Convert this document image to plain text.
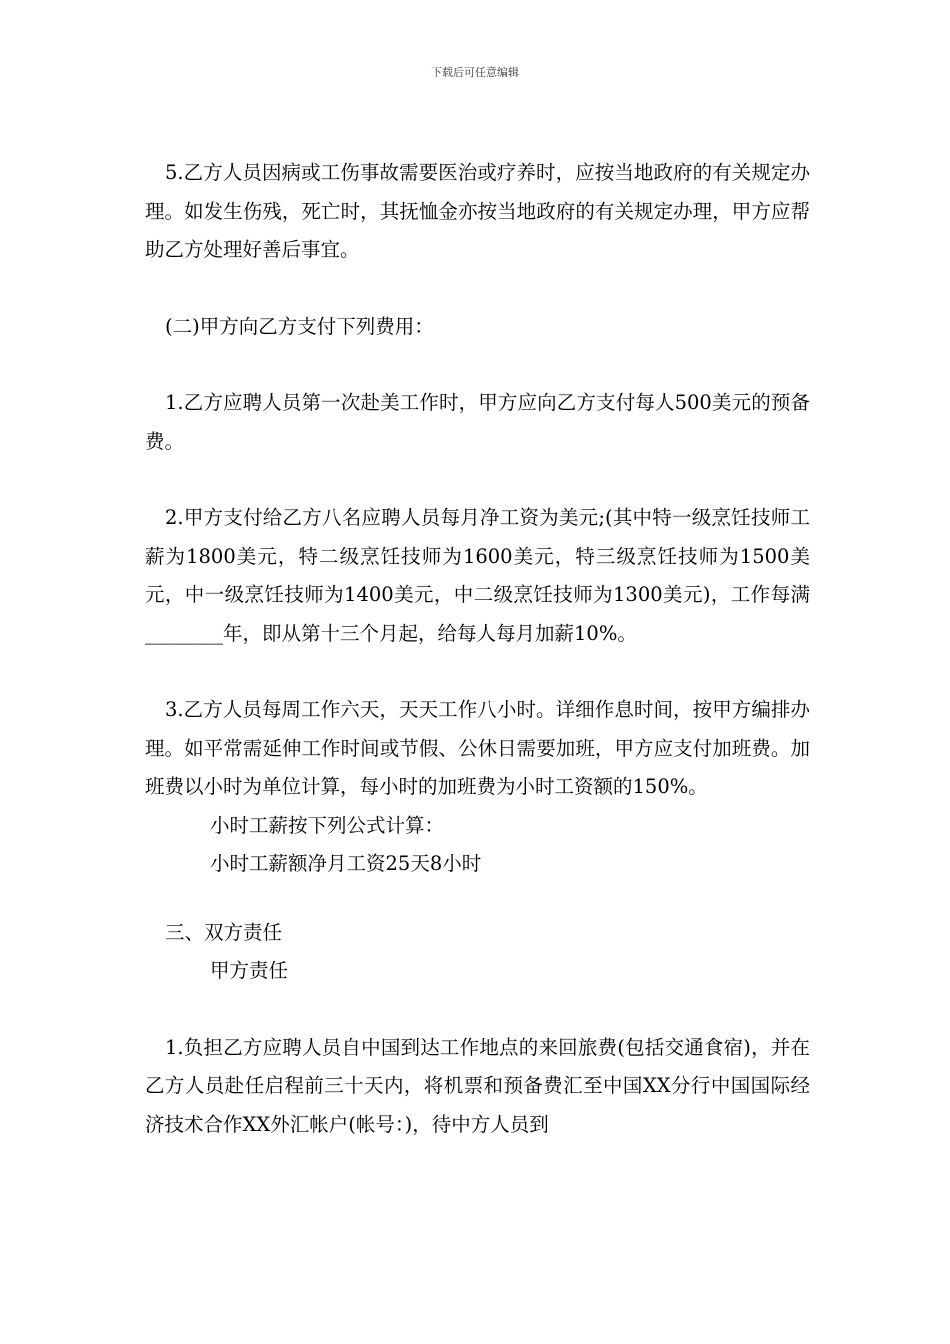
下载后可任意编辑

5.乙方人员因病或工伤事故需要医治或疗养时，应按当地政府的有关规定办理。如发生伤残，死亡时，其抚恤金亦按当地政府的有关规定办理，甲方应帮助乙方处理好善后事宜。

(二)甲方向乙方支付下列费用：

1.乙方应聘人员第一次赴美工作时，甲方应向乙方支付每人500美元的预备费。

2.甲方支付给乙方八名应聘人员每月净工资为美元;(其中特一级烹饪技师工薪为1800美元，特二级烹饪技师为1600美元，特三级烹饪技师为1500美元，中一级烹饪技师为1400美元，中二级烹饪技师为1300美元)，工作每满________年，即从第十三个月起，给每人每月加薪10%。

3.乙方人员每周工作六天，天天工作八小时。详细作息时间，按甲方编排办理。如平常需延伸工作时间或节假、公休日需要加班，甲方应支付加班费。加班费以小时为单位计算，每小时的加班费为小时工资额的150%。

小时工薪按下列公式计算：

小时工薪额净月工资25天8小时

三、双方责任

甲方责任

1.负担乙方应聘人员自中国到达工作地点的来回旅费(包括交通食宿)，并在乙方人员赴任启程前三十天内，将机票和预备费汇至中国XX分行中国国际经济技术合作XX外汇帐户(帐号：)，待中方人员到
